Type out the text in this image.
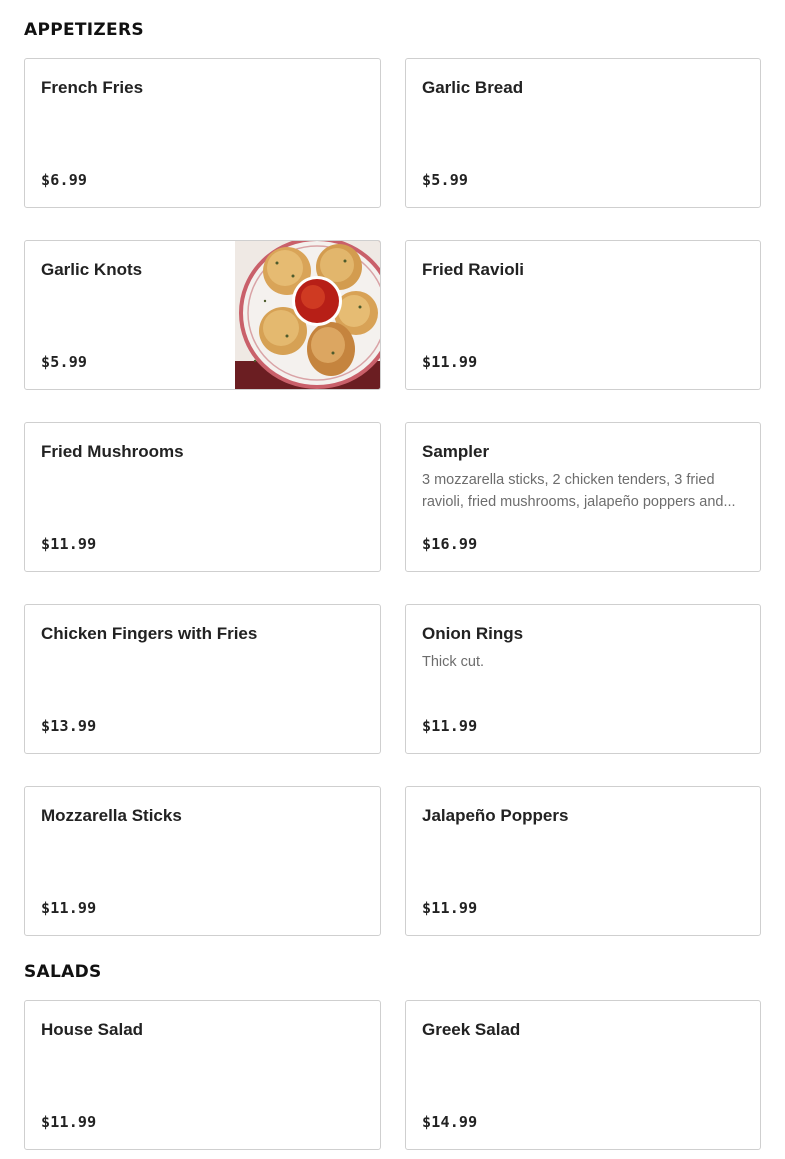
APPETIZERS
French Fries
$6.99
Garlic Bread
$5.99
Garlic Knots
$5.99
Fried Ravioli
$11.99
Fried Mushrooms
$11.99
Sampler
3 mozzarella sticks, 2 chicken tenders, 3 fried ravioli, fried mushrooms, jalapeño poppers and...
$16.99
Chicken Fingers with Fries
$13.99
Onion Rings
Thick cut.
$11.99
Mozzarella Sticks
$11.99
Jalapeño Poppers
$11.99
SALADS
House Salad
$11.99
Greek Salad
$14.99
